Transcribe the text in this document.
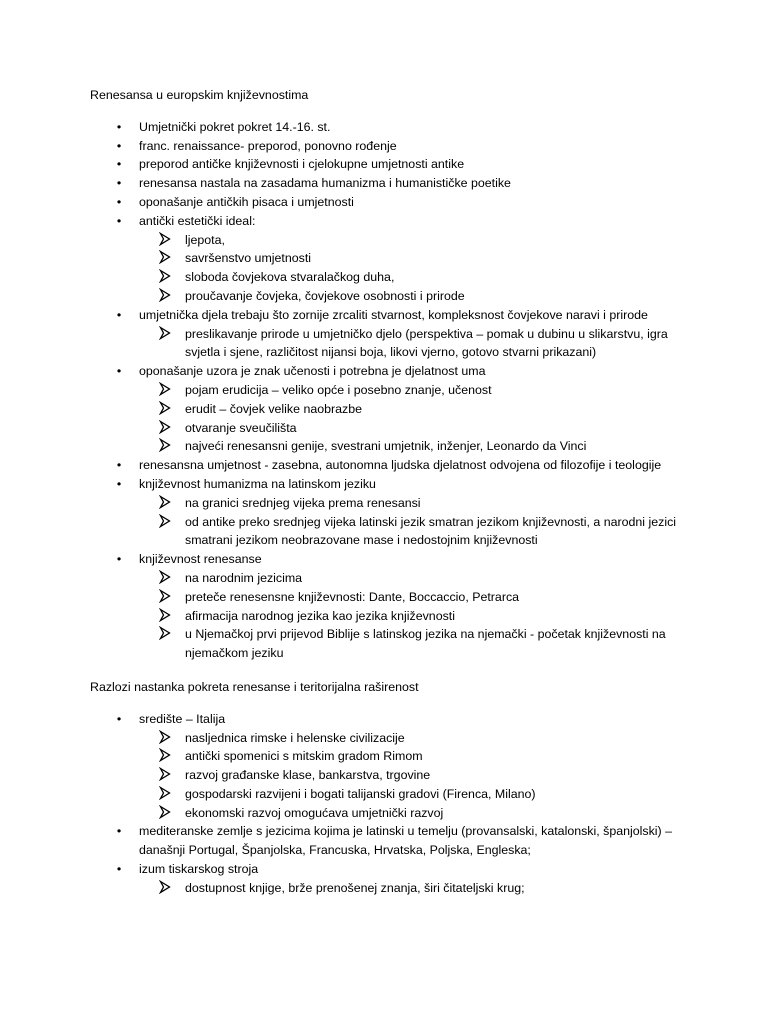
Renesansa u europskim književnostima

• Umjetnički pokret pokret 14.-16. st.
• franc. renaissance- preporod, ponovno rođenje
• preporod antičke književnosti i cjelokupne umjetnosti antike
• renesansa nastala na zasadama humanizma i humanističke poetike
• oponašanje antičkih pisaca i umjetnosti
• antički estetički ideal:
ljepota,
savršenstvo umjetnosti
sloboda čovjekova stvaralačkog duha,
proučavanje čovjeka, čovjekove osobnosti i prirode
• umjetnička djela trebaju što zornije zrcaliti stvarnost, kompleksnost čovjekove naravi i prirode
preslikavanje prirode u umjetničko djelo (perspektiva – pomak u dubinu u slikarstvu, igra svjetla i sjene, različitost nijansi boja, likovi vjerno, gotovo stvarni prikazani)
• oponašanje uzora je znak učenosti i potrebna je djelatnost uma
pojam erudicija – veliko opće i posebno znanje, učenost
erudit – čovjek velike naobrazbe
otvaranje sveučilišta
najveći renesansni genije, svestrani umjetnik, inženjer, Leonardo da Vinci
• renesansna umjetnost - zasebna, autonomna ljudska djelatnost odvojena od filozofije i teologije
• književnost humanizma na latinskom jeziku
na granici srednjeg vijeka prema renesansi
od antike preko srednjeg vijeka latinski jezik smatran jezikom književnosti, a narodni jezici smatrani jezikom neobrazovane mase i nedostojnim književnosti
• književnost renesanse
na narodnim jezicima
preteče renesensne književnosti: Dante, Boccaccio, Petrarca
afirmacija narodnog jezika kao jezika književnosti
u Njemačkoj prvi prijevod Biblije s latinskog jezika na njemački - početak književnosti na njemačkom jeziku

Razlozi nastanka pokreta renesanse i teritorijalna raširenost

• središte – Italija
nasljednica rimske i helenske civilizacije
antički spomenici s mitskim gradom Rimom
razvoj građanske klase, bankarstva, trgovine
gospodarski razvijeni i bogati talijanski gradovi (Firenca, Milano)
ekonomski razvoj omogućava umjetnički razvoj
• mediteranske zemlje s jezicima kojima je latinski u temelju (provansalski, katalonski, španjolski) – današnji Portugal, Španjolska, Francuska, Hrvatska, Poljska, Engleska;
• izum tiskarskog stroja
dostupnost knjige, brže prenošenej znanja, širi čitateljski krug;
